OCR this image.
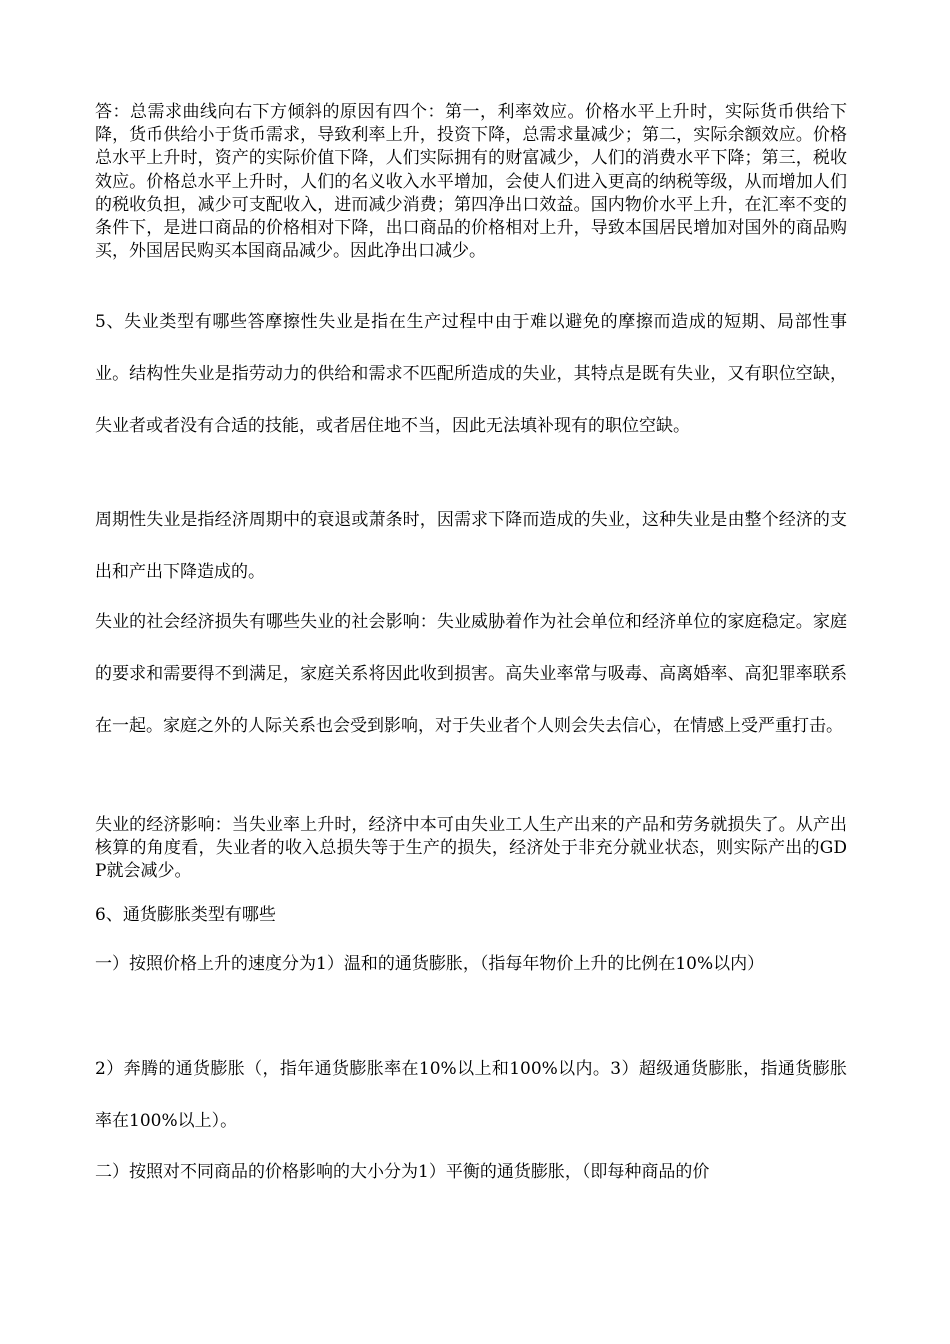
答：总需求曲线向右下方倾斜的原因有四个：第一，利率效应。价格水平上升时，实际货币供给下降，货币供给小于货币需求，导致利率上升，投资下降，总需求量减少；第二，实际余额效应。价格总水平上升时，资产的实际价值下降，人们实际拥有的财富减少，人们的消费水平下降；第三，税收效应。价格总水平上升时，人们的名义收入水平增加，会使人们进入更高的纳税等级，从而增加人们的税收负担，减少可支配收入，进而减少消费；第四净出口效益。国内物价水平上升，在汇率不变的条件下，是进口商品的价格相对下降，出口商品的价格相对上升，导致本国居民增加对国外的商品购买，外国居民购买本国商品减少。因此净出口减少。

5、失业类型有哪些答摩擦性失业是指在生产过程中由于难以避免的摩擦而造成的短期、局部性事业。结构性失业是指劳动力的供给和需求不匹配所造成的失业，其特点是既有失业，又有职位空缺，失业者或者没有合适的技能，或者居住地不当，因此无法填补现有的职位空缺。

周期性失业是指经济周期中的衰退或萧条时，因需求下降而造成的失业，这种失业是由整个经济的支出和产出下降造成的。

失业的社会经济损失有哪些失业的社会影响：失业威胁着作为社会单位和经济单位的家庭稳定。家庭的要求和需要得不到满足，家庭关系将因此收到损害。高失业率常与吸毒、高离婚率、高犯罪率联系在一起。家庭之外的人际关系也会受到影响，对于失业者个人则会失去信心，在情感上受严重打击。

失业的经济影响：当失业率上升时，经济中本可由失业工人生产出来的产品和劳务就损失了。从产出核算的角度看，失业者的收入总损失等于生产的损失，经济处于非充分就业状态，则实际产出的GDP就会减少。

6、通货膨胀类型有哪些

一）按照价格上升的速度分为1）温和的通货膨胀，（指每年物价上升的比例在10%以内）

2）奔腾的通货膨胀（，指年通货膨胀率在10%以上和100%以内。3）超级通货膨胀，指通货膨胀率在100%以上）。

二）按照对不同商品的价格影响的大小分为1）平衡的通货膨胀，（即每种商品的价
